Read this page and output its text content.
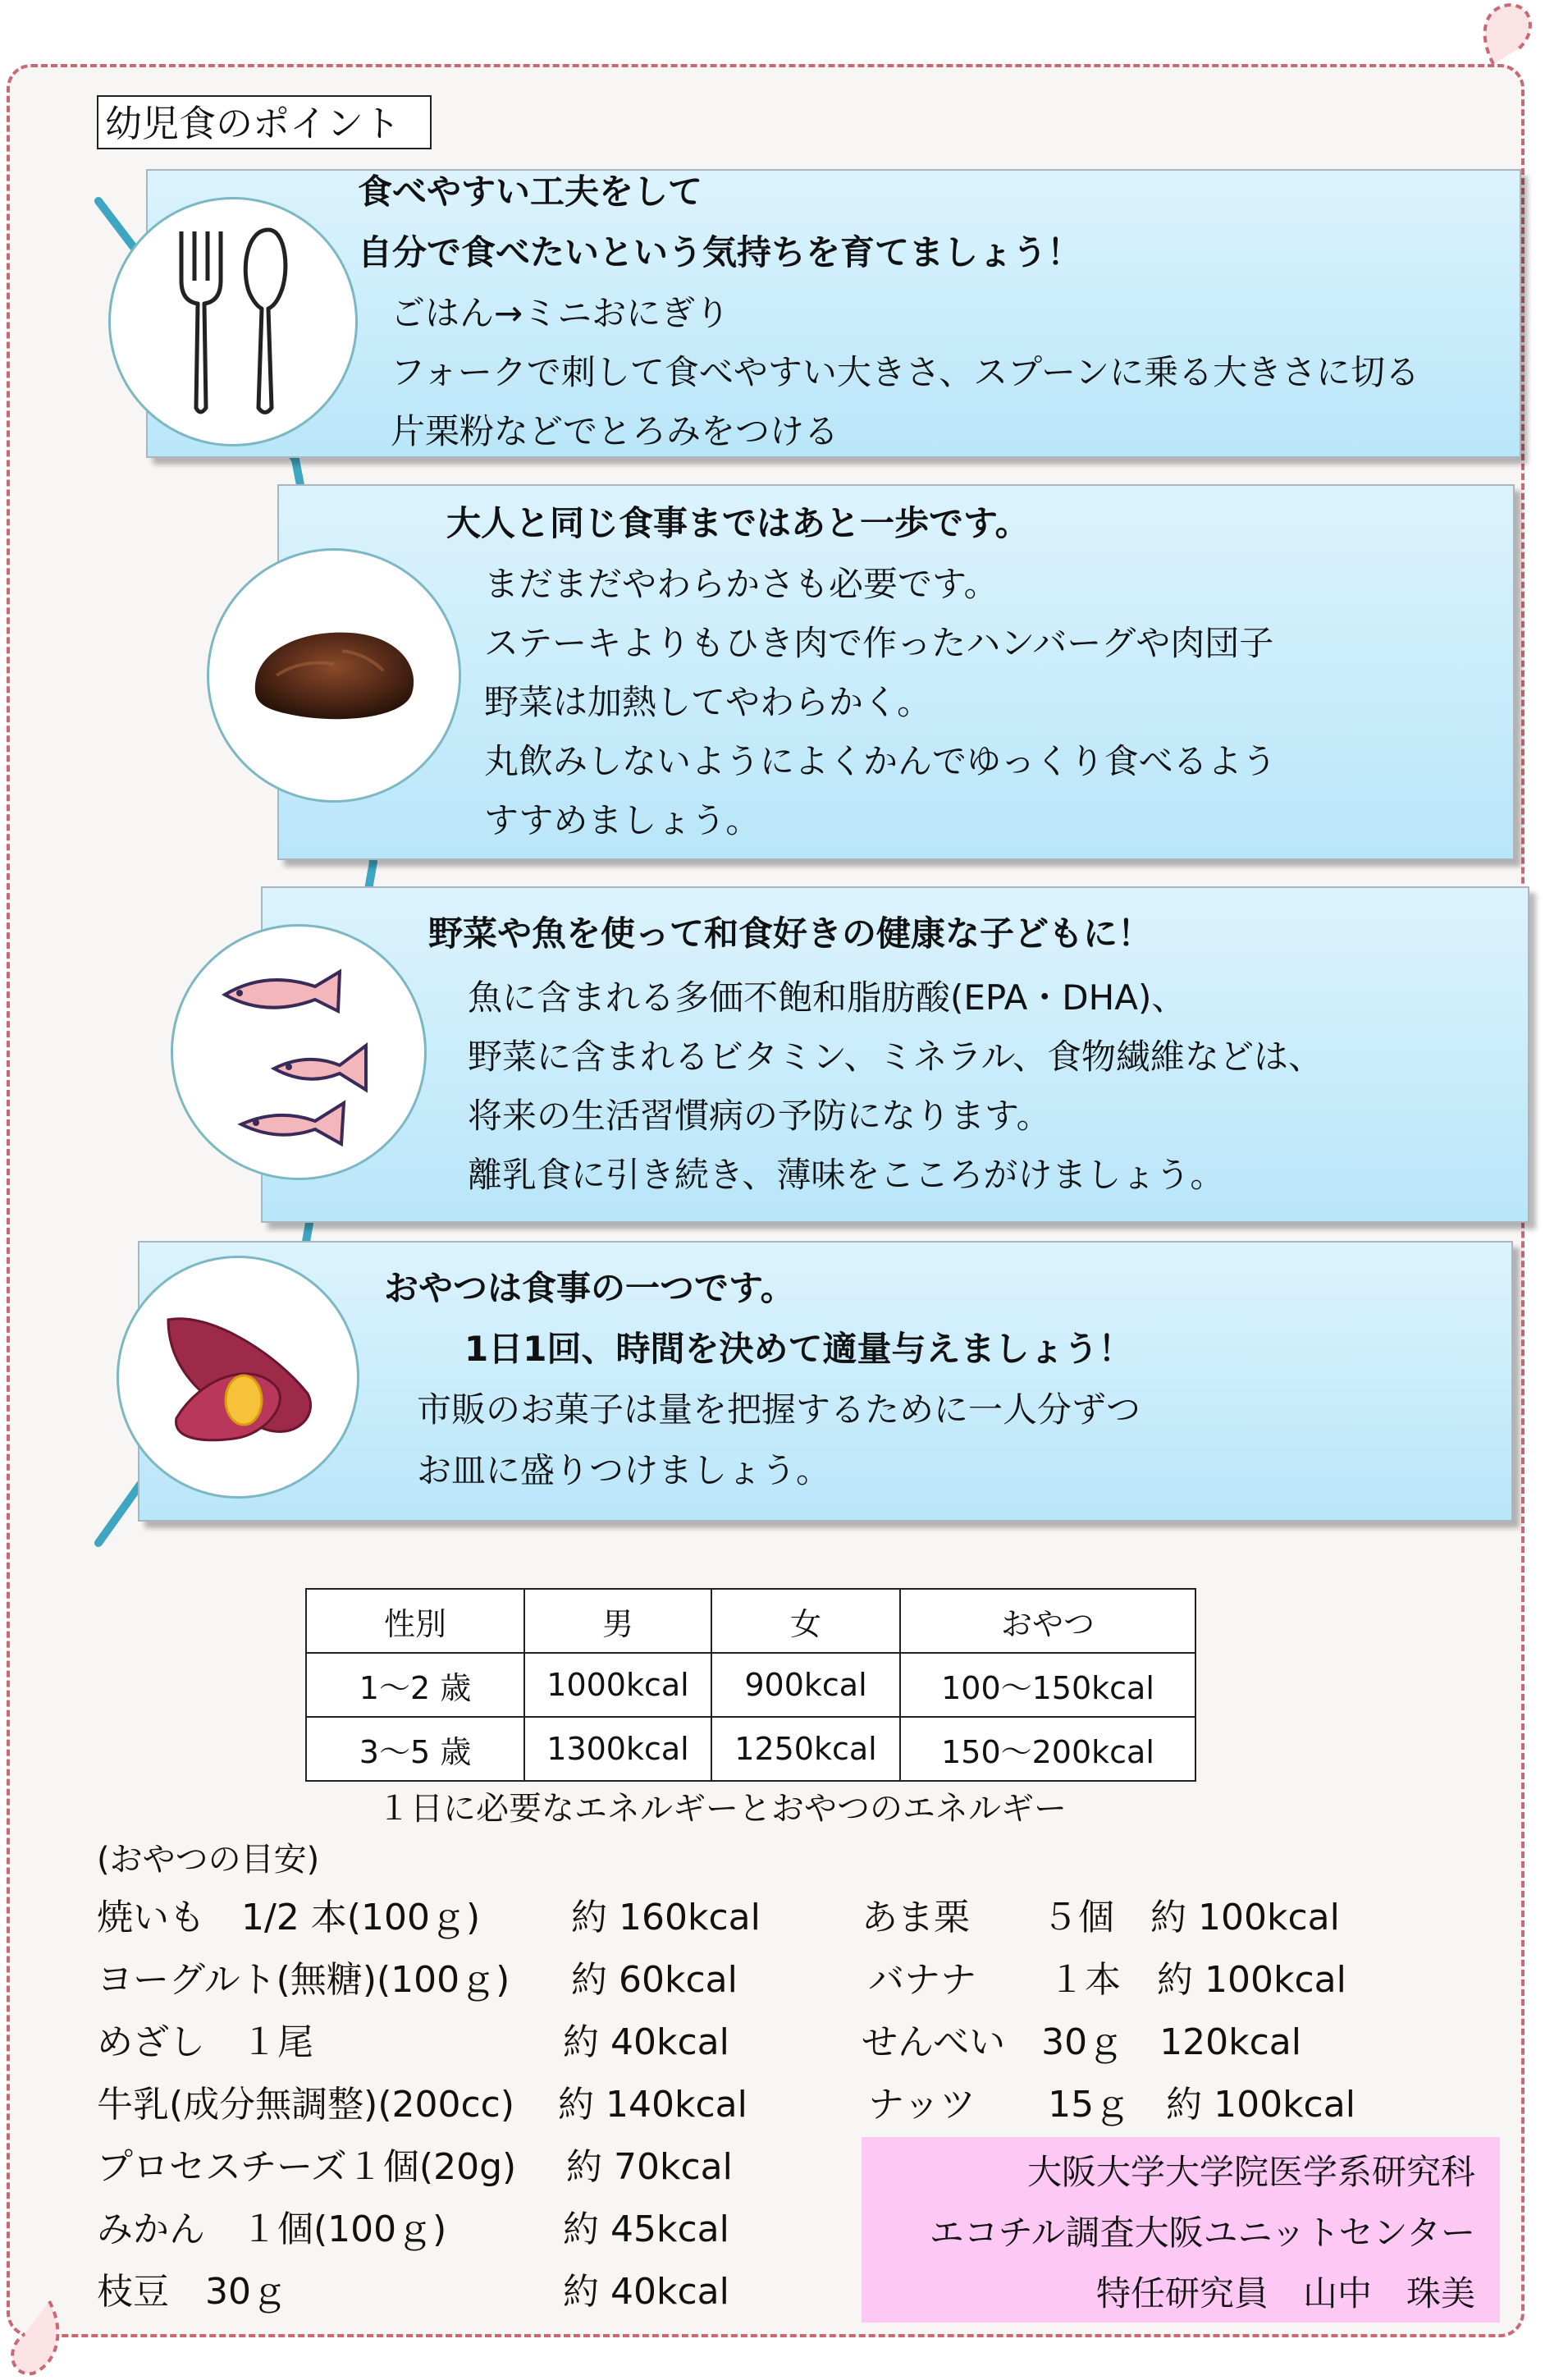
幼児食のポイント
食べやすい工夫をして
自分で食べたいという気持ちを育てましょう！
ごはん→ミニおにぎり
フォークで刺して食べやすい大きさ、スプーンに乗る大きさに切る
片栗粉などでとろみをつける
大人と同じ食事まではあと一歩です。
まだまだやわらかさも必要です。
ステーキよりもひき肉で作ったハンバーグや肉団子
野菜は加熱してやわらかく。
丸飲みしないようによくかんでゆっくり食べるよう
すすめましょう。
野菜や魚を使って和食好きの健康な子どもに！
魚に含まれる多価不飽和脂肪酸(EPA・DHA)、
野菜に含まれるビタミン、ミネラル、食物繊維などは、
将来の生活習慣病の予防になります。
離乳食に引き続き、薄味をこころがけましょう。
おやつは食事の一つです。
1日1回、時間を決めて適量与えましょう！
市販のお菓子は量を把握するために一人分ずつ
お皿に盛りつけましょう。
性別	男	女	おやつ
1～2 歳	1000kcal	900kcal	100～150kcal
3～5 歳	1300kcal	1250kcal	150～200kcal
１日に必要なエネルギーとおやつのエネルギー
(おやつの目安)
焼いも　1/2 本(100ｇ)	約 160kcal
ヨーグルト(無糖)(100ｇ) 約 60kcal
めざし　１尾	約 40kcal
牛乳(成分無調整)(200cc) 約 140kcal
プロセスチーズ１個(20g) 約 70kcal
みかん　１個(100ｇ)	約 45kcal
枝豆　30ｇ	約 40kcal
あま栗　　５個　約 100kcal
バナナ　　１本　約 100kcal
せんべい　30ｇ　120kcal
ナッツ　　15ｇ　約 100kcal
大阪大学大学院医学系研究科
エコチル調査大阪ユニットセンター
特任研究員　山中　珠美
